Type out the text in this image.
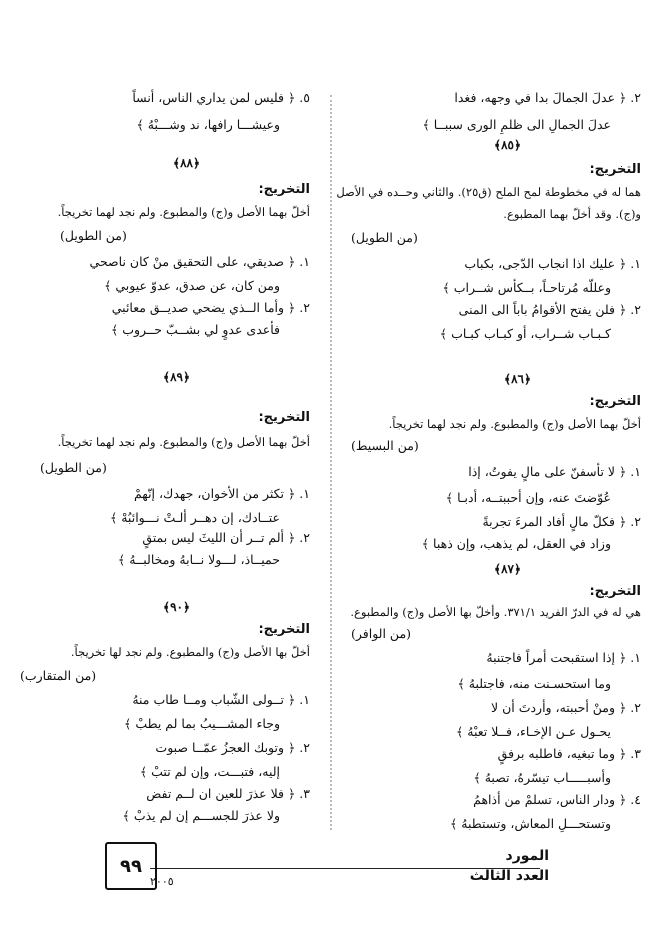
٢. ﴿ عدلَ الجمالَ بدا في وجهه، فغدا
عدلَ الجمالِ الى ظلمِ الورى سببــا ﴾
﴿٨٥﴾
التخريج:
هما له في مخطوطة لمح الملح (ق٢٥). والثاني وحــده في الأصل
و(ج). وقد أخلّ بهما المطبوع.
(من الطويل)
١. ﴿ عليك اذا انجاب الدّجى، بكباب
وعللّه مُرتاحـاً، بــكأس شــراب ﴾
٢. ﴿ فلن يفتح الأقوامُ باباً الى المنى
كـبـاب شــراب، أو كبـاب كبـاب ﴾
﴿٨٦﴾
التخريج:
أخلّ بهما الأصل و(ج) والمطبوع. ولم نجد لهما تخريجاً.
(من البسيط)
١. ﴿ لا تأسفنّ على مالٍ يفوتُ، إذا
عُوّضتَ عنه، وإن أحببتــه، أدبـا ﴾
٢. ﴿ فكلّ مالٍ أفاد المرءَ تجربةً
وزاد في العقل، لم يذهب، وإن ذهبا ﴾
﴿٨٧﴾
التخريج:
هي له في الدرّ الفريد ٣٧١/١. وأخلّ بها الأصل و(ج) والمطبوع.
(من الوافر)
١. ﴿ إذا استقبحت أمراً فاجتنبهُ
وما استحسـنت منه، فاجتلبهُ ﴾
٢. ﴿ ومنْ أحببته، وأردتَ أن لا
يحـول عـن الإخـاء، فــلا تعبْهُ ﴾
٣. ﴿ وما تبغيه، فاطلبه برفقٍ
وأسبـــــاب تيسّرهُ، تصبهُ ﴾
٤. ﴿ ودار الناس، تسلمْ من أذاهمُ
وتستحـــلِ المعاش، وتستطبهُ ﴾
٥. ﴿ فليس لمن يداري الناس، أنساً
وعيشـــا رافها، ند وشـــبْهُ ﴾
﴿٨٨﴾
التخريج:
أخلّ بهما الأصل و(ج) والمطبوع. ولم نجد لهما تخريجاً.
(من الطويل)
١. ﴿ صديقي، على التحقيق منْ كان ناصحي
ومن كان، عن صدق، عدوّ عيوبي ﴾
٢. ﴿ وأما الــذي يضحي صديــق معائبي
فأعدى عدوٍ لي بشــبّ حــروب ﴾
﴿٨٩﴾
التخريج:
أخلّ بهما الأصل و(ج) والمطبوع. ولم نجد لهما تخريجاً.
(من الطويل)
١. ﴿ تكثر من الأخوان، جهدك، إنّهمْ
عتــادك، إن دهــر ألـتْ نـــوائبُهْ ﴾
٢. ﴿ ألم تــر أن الليثَ ليس بمتقٍ
حميــاذ، لـــولا نــابهُ ومخالبــهُ ﴾
﴿٩٠﴾
التخريج:
أخلّ بها الأصل و(ج) والمطبوع. ولم نجد لها تخريجاً.
(من المتقارب)
١. ﴿ تــولى الشّباب ومــا طاب منهُ
وجاء المشـــيبُ بما لم يطبْ ﴾
٢. ﴿ وتوبك العجزُ عمّــا صبوت
إليه، فتبـــت، وإن لم تتبْ ﴾
٣. ﴿ فلا عذرَ للعين ان لــم تفض
ولا عذرَ للجســـم إن لم يذبْ ﴾
٩٩	المورد
العدد الثالث
٢٠٠٥
